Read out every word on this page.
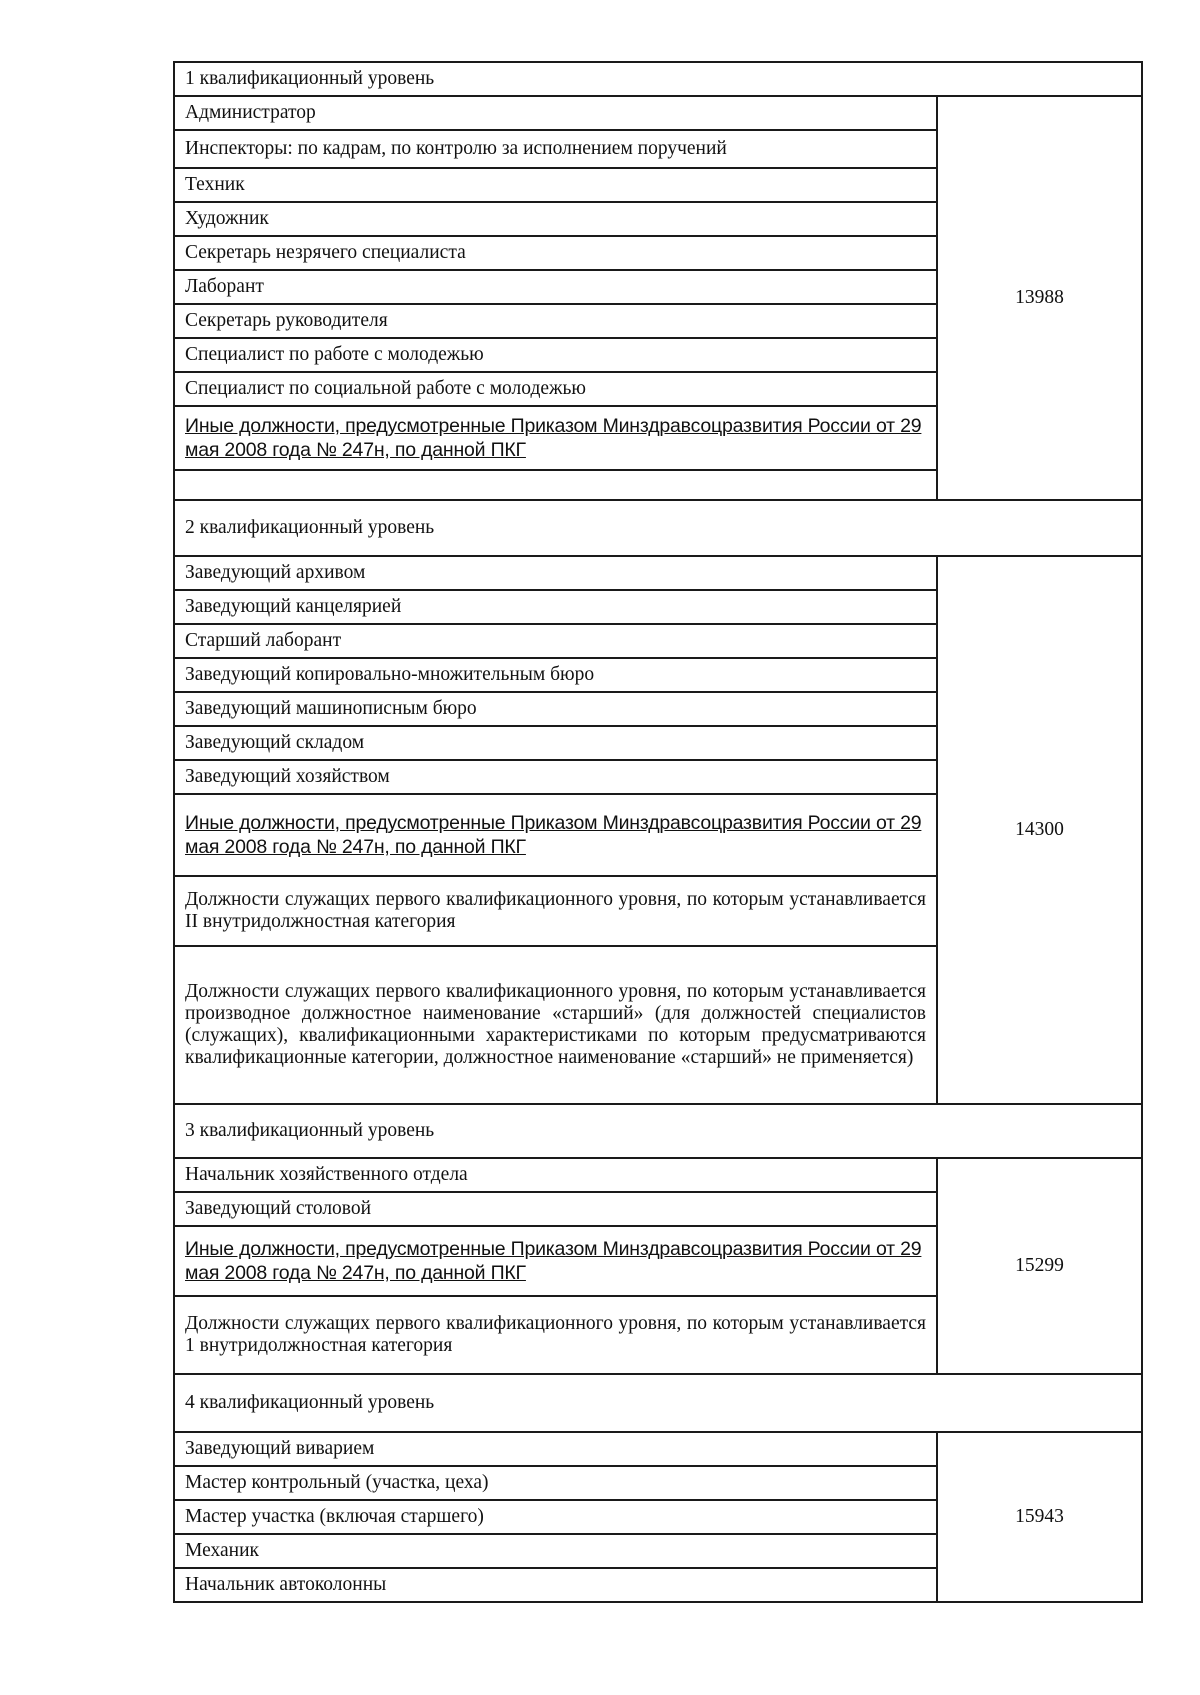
1 квалификационный уровень	
Администратор	13988
Инспекторы: по кадрам, по контролю за исполнением поручений	
Техник	
Художник	
Секретарь незрячего специалиста	
Лаборант	
Секретарь руководителя	
Специалист по работе с молодежью	
Специалист по социальной работе с молодежью	

Иные должности, предусмотренные Приказом Минздравсоцразвития России от 29 мая 2008 года № 247н, по данной ПКГ	

2 квалификационный уровень	
Заведующий архивом	14300
Заведующий канцелярией	
Старший лаборант	
Заведующий копировально-множительным бюро	
Заведующий машинописным бюро	
Заведующий складом	
Заведующий хозяйством	

Иные должности, предусмотренные Приказом Минздравсоцразвития России от 29 мая 2008 года № 247н, по данной ПКГ	

Должности служащих первого квалификационного уровня, по которым устанавливается II внутридолжностная категория	
Должности служащих первого квалификационного уровня, по которым устанавливается производное должностное наименование «старший» (для должностей специалистов (служащих), квалификационными характеристиками по которым предусматриваются квалификационные категории, должностное наименование «старший» не применяется)	
3 квалификационный уровень	
Начальник хозяйственного отдела	15299
Заведующий столовой	

Иные должности, предусмотренные Приказом Минздравсоцразвития России от 29 мая 2008 года № 247н, по данной ПКГ	

Должности служащих первого квалификационного уровня, по которым устанавливается 1 внутридолжностная категория	
4 квалификационный уровень	
Заведующий виварием	15943
Мастер контрольный (участка, цеха)	
Мастер участка (включая старшего)	
Механик	
Начальник автоколонны	
